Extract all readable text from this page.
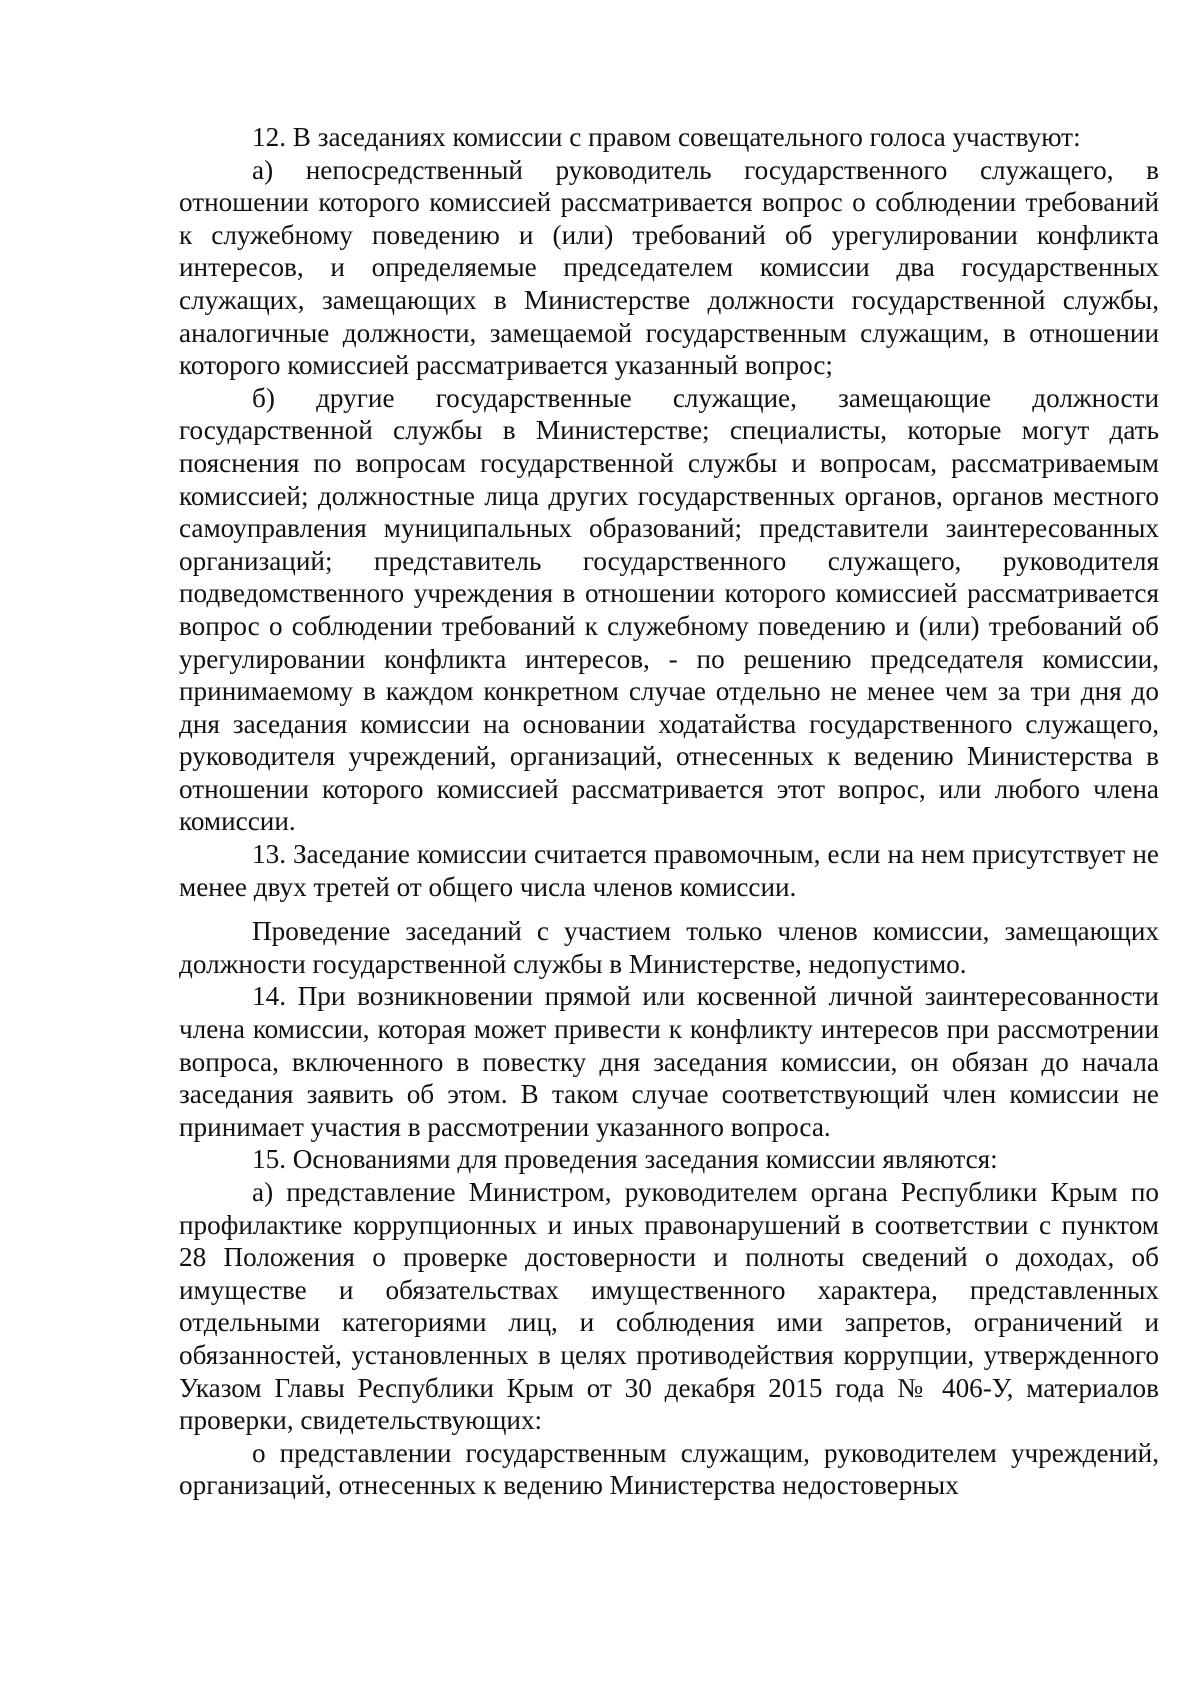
12. В заседаниях комиссии с правом совещательного голоса участвуют:

а) непосредственный руководитель государственного служащего, в отношении которого комиссией рассматривается вопрос о соблюдении требований к служебному поведению и (или) требований об урегулировании конфликта интересов, и определяемые председателем комиссии два государственных служащих, замещающих в Министерстве должности государственной службы, аналогичные должности, замещаемой государственным служащим, в отношении которого комиссией рассматривается указанный вопрос;

б) другие государственные служащие, замещающие должности государственной службы в Министерстве; специалисты, которые могут дать пояснения по вопросам государственной службы и вопросам, рассматриваемым комиссией; должностные лица других государственных органов, органов местного самоуправления муниципальных образований; представители заинтересованных организаций; представитель государственного служащего, руководителя подведомственного учреждения в отношении которого комиссией рассматривается вопрос о соблюдении требований к служебному поведению и (или) требований об урегулировании конфликта интересов, - по решению председателя комиссии, принимаемому в каждом конкретном случае отдельно не менее чем за три дня до дня заседания комиссии на основании ходатайства государственного служащего, руководителя учреждений, организаций, отнесенных к ведению Министерства в отношении которого комиссией рассматривается этот вопрос, или любого члена комиссии.

13. Заседание комиссии считается правомочным, если на нем присутствует не менее двух третей от общего числа членов комиссии.

Проведение заседаний с участием только членов комиссии, замещающих должности государственной службы в Министерстве, недопустимо.

14. При возникновении прямой или косвенной личной заинтересованности члена комиссии, которая может привести к конфликту интересов при рассмотрении вопроса, включенного в повестку дня заседания комиссии, он обязан до начала заседания заявить об этом. В таком случае соответствующий член комиссии не принимает участия в рассмотрении указанного вопроса.

15. Основаниями для проведения заседания комиссии являются:

а) представление Министром, руководителем органа Республики Крым по профилактике коррупционных и иных правонарушений в соответствии с пунктом 28 Положения о проверке достоверности и полноты сведений о доходах, об имуществе и обязательствах имущественного характера, представленных отдельными категориями лиц, и соблюдения ими запретов, ограничений и обязанностей, установленных в целях противодействия коррупции, утвержденного Указом Главы Республики Крым от 30 декабря 2015 года № 406-У, материалов проверки, свидетельствующих:

о представлении государственным служащим, руководителем учреждений, организаций, отнесенных к ведению Министерства недостоверных
